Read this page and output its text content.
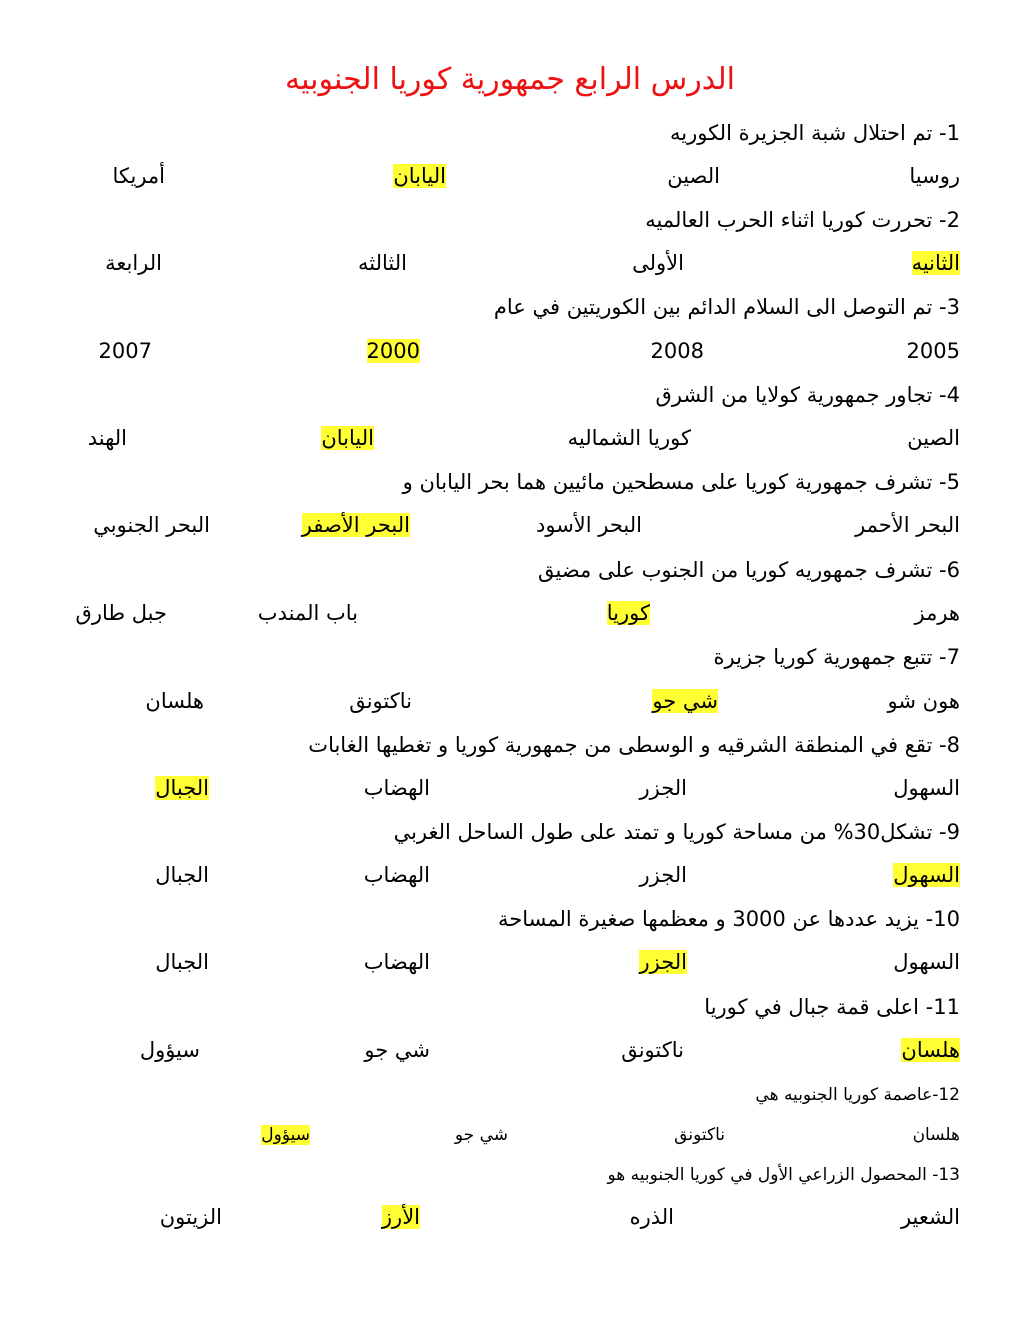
الدرس الرابع جمهورية كوريا الجنوبيه
1- تم احتلال شبة الجزيرة الكوريه
روسيا
الصين
اليابان
أمريكا
2- تحررت كوريا اثناء الحرب العالميه
الثانيه
الأولى
الثالثه
الرابعة
3- تم التوصل الى السلام الدائم بين الكوريتين في عام
2005
2008
2000
2007
4- تجاور جمهورية كولايا من الشرق
الصين
كوريا الشماليه
اليابان
الهند
5- تشرف جمهورية كوريا على مسطحين مائيين هما بحر اليابان و
البحر الأحمر
البحر الأسود
البحر الأصفر
البحر الجنوبي
6- تشرف جمهوريه كوريا من الجنوب على مضيق
هرمز
كوريا
باب المندب
جبل طارق
7- تتبع جمهورية كوريا جزيرة
هون شو
شي جو
ناكتونق
هلسان
8- تقع في المنطقة الشرقيه و الوسطى من جمهورية كوريا و تغطيها الغابات
السهول
الجزر
الهضاب
الجبال
9- تشكل30% من مساحة كوريا و تمتد على طول الساحل الغربي
السهول
الجزر
الهضاب
الجبال
10- يزيد عددها عن 3000 و معظمها صغيرة المساحة
السهول
الجزر
الهضاب
الجبال
11- اعلى قمة جبال في كوريا
هلسان
ناكتونق
شي جو
سيؤول
12-عاصمة كوريا الجنوبيه هي
هلسان
ناكتونق
شي جو
سيؤول
13- المحصول الزراعي الأول في كوريا الجنوبيه هو
الشعير
الذره
الأرز
الزيتون
